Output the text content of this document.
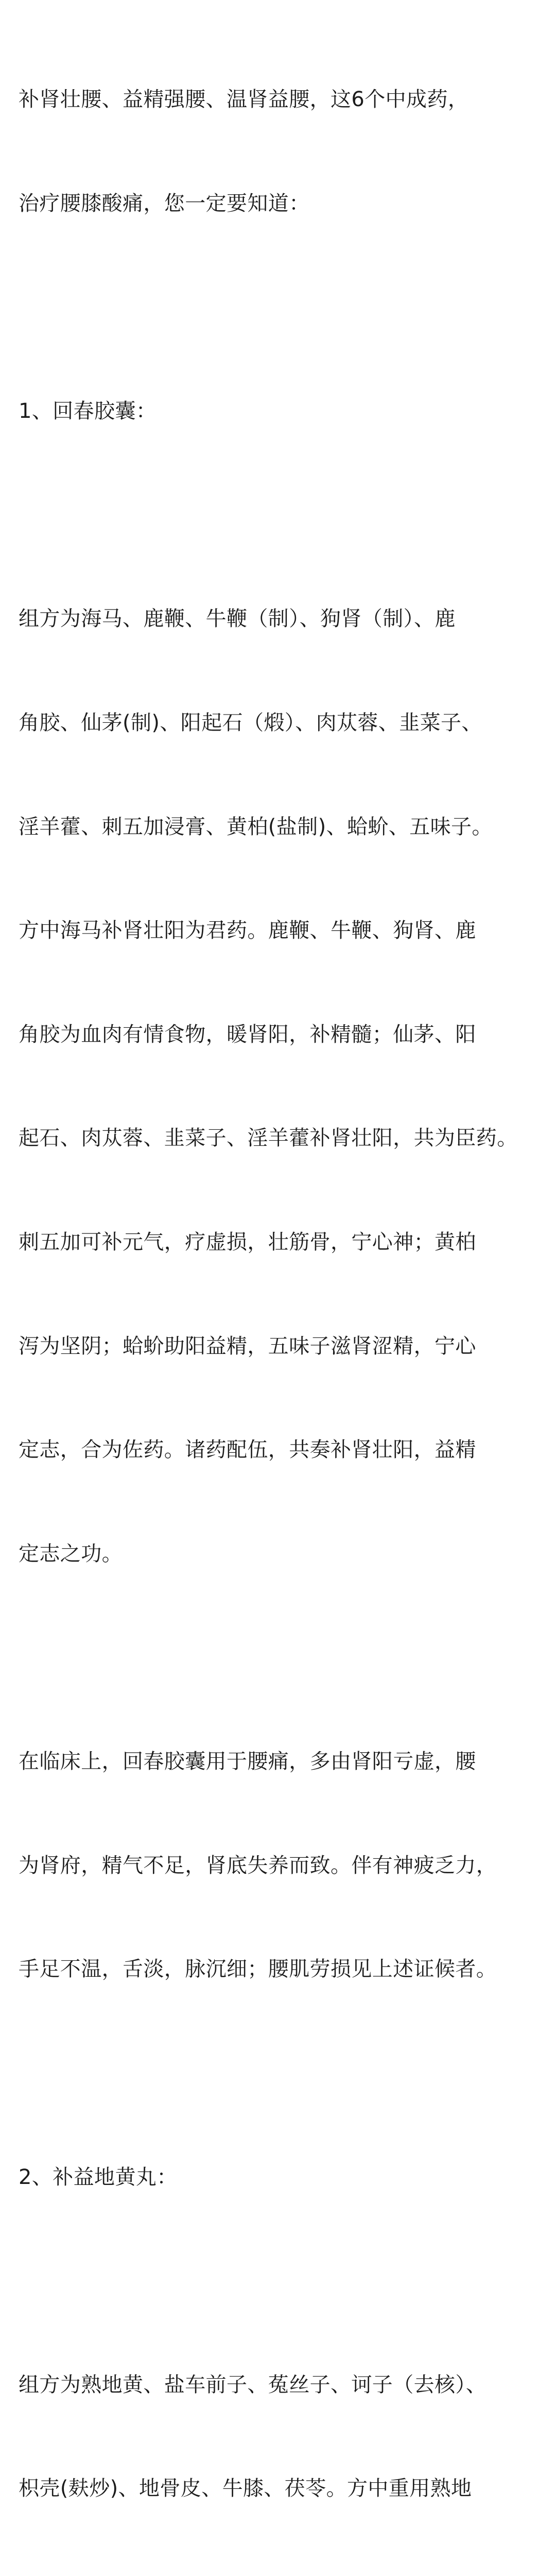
补肾壮腰、益精强腰、温肾益腰，这6个中成药，

治疗腰膝酸痛，您一定要知道：

1、回春胶囊：

组方为海马、鹿鞭、牛鞭（制）、狗肾（制）、鹿

角胶、仙茅(制)、阳起石（煅）、肉苁蓉、韭菜子、

淫羊藿、刺五加浸膏、黄柏(盐制)、蛤蚧、五味子。

方中海马补肾壮阳为君药。鹿鞭、牛鞭、狗肾、鹿

角胶为血肉有情食物，暖肾阳，补精髓；仙茅、阳

起石、肉苁蓉、韭菜子、淫羊藿补肾壮阳，共为臣药。

刺五加可补元气，疗虚损，壮筋骨，宁心神；黄柏

泻为坚阴；蛤蚧助阳益精，五味子滋肾涩精，宁心

定志，合为佐药。诸药配伍，共奏补肾壮阳，益精

定志之功。

在临床上，回春胶囊用于腰痛，多由肾阳亏虚，腰

为肾府，精气不足，肾底失养而致。伴有神疲乏力，

手足不温，舌淡，脉沉细；腰肌劳损见上述证候者。

2、补益地黄丸：

组方为熟地黄、盐车前子、菟丝子、诃子（去核）、

枳壳(麸炒)、地骨皮、牛膝、茯苓。方中重用熟地
